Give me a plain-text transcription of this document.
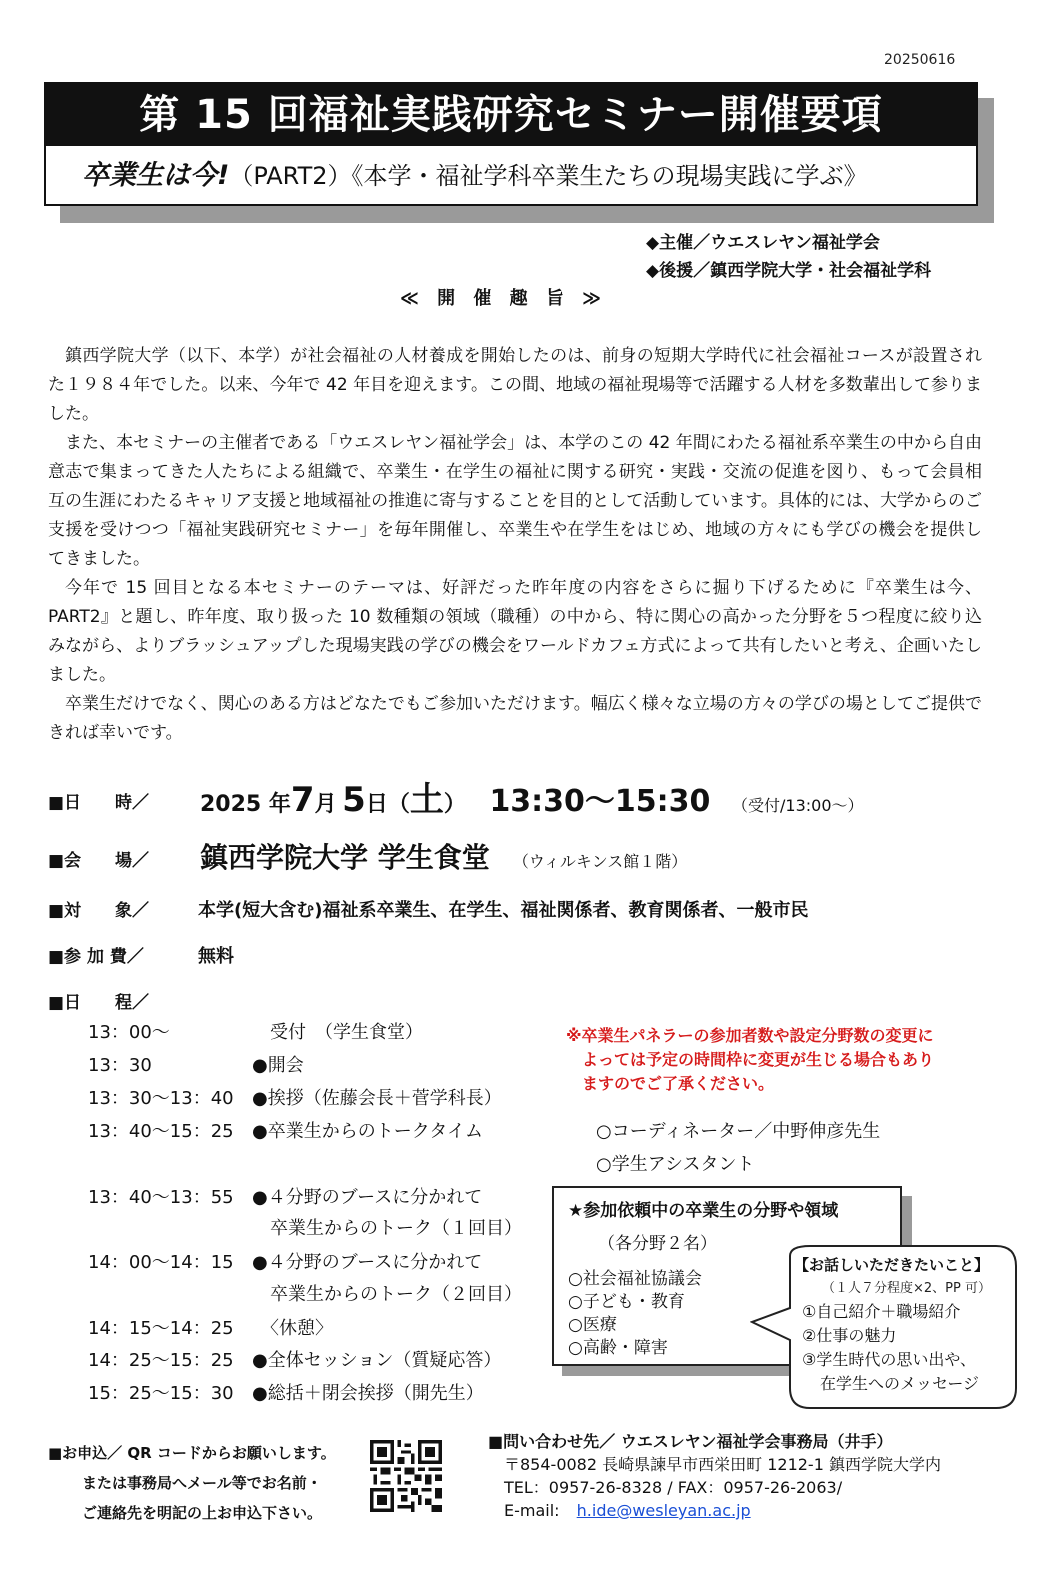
20250616
第 15 回福祉実践研究セミナー開催要項
卒業生は今!（PART2）《本学・福祉学科卒業生たちの現場実践に学ぶ》
◆主催／ウエスレヤン福祉学会
◆後援／鎮西学院大学・社会福祉学科
≪ 開 催 趣 旨 ≫

鎮西学院大学（以下、本学）が社会福祉の人材養成を開始したのは、前身の短期大学時代に社会福祉コースが設置された１９８４年でした。以来、今年で 42 年目を迎えます。この間、地域の福祉現場等で活躍する人材を多数輩出して参りました。

また、本セミナーの主催者である「ウエスレヤン福祉学会」は、本学のこの 42 年間にわたる福祉系卒業生の中から自由意志で集まってきた人たちによる組織で、卒業生・在学生の福祉に関する研究・実践・交流の促進を図り、もって会員相互の生涯にわたるキャリア支援と地域福祉の推進に寄与することを目的として活動しています。具体的には、大学からのご支援を受けつつ「福祉実践研究セミナー」を毎年開催し、卒業生や在学生をはじめ、地域の方々にも学びの機会を提供してきました。

今年で 15 回目となる本セミナーのテーマは、好評だった昨年度の内容をさらに掘り下げるために『卒業生は今、PART2』と題し、昨年度、取り扱った 10 数種類の領域（職種）の中から、特に関心の高かった分野を５つ程度に絞り込みながら、よりブラッシュアップした現場実践の学びの機会をワールドカフェ方式によって共有したいと考え、企画いたしました。

卒業生だけでなく、関心のある方はどなたでもご参加いただけます。幅広く様々な立場の方々の学びの場としてご提供できれば幸いです。

■日　　時／	2025 年7月 5日（土） 13:30〜15:30 （受付/13:00〜）
■会　　場／	鎮西学院大学 学生食堂 （ウィルキンス館１階）
■対　　象／	本学(短大含む)福祉系卒業生、在学生、福祉関係者、教育関係者、一般市民
■参 加 費／	無料
■日　　程／
13：00〜	　受付　（学生食堂）
13：30	●開会
13：30〜13：40 ●挨拶（佐藤会長＋菅学科長）
13：40〜15：25 ●卒業生からのトークタイム
13：40〜13：55 ●４分野のブースに分かれて
卒業生からのトーク（１回目）
14：00〜14：15 ●４分野のブースに分かれて
卒業生からのトーク（２回目）
14：15〜14：25　〈休憩〉
14：25〜15：25 ●全体セッション（質疑応答）
15：25〜15：30 ●総括＋閉会挨拶（開先生）
※卒業生パネラーの参加者数や設定分野数の変更に
よっては予定の時間枠に変更が生じる場合もあり
ますのでご了承ください。
○コーディネーター／中野伸彦先生
○学生アシスタント
★参加依頼中の卒業生の分野や領域
（各分野２名）
○社会福祉協議会
○子ども・教育
○医療
○高齢・障害
【お話しいただきたいこと】
（１人７分程度×2、PP 可）
①自己紹介＋職場紹介
②仕事の魅力
③学生時代の思い出や、
在学生へのメッセージ
■お申込／ QR コードからお願いします。
または事務局へメール等でお名前・
ご連絡先を明記の上お申込下さい。
■問い合わせ先／ ウエスレヤン福祉学会事務局（井手）
〒854-0082 長崎県諫早市西栄田町 1212-1 鎮西学院大学内
TEL：0957-26-8328 / FAX：0957-26-2063/
E-mail: h.ide@wesleyan.ac.jp
